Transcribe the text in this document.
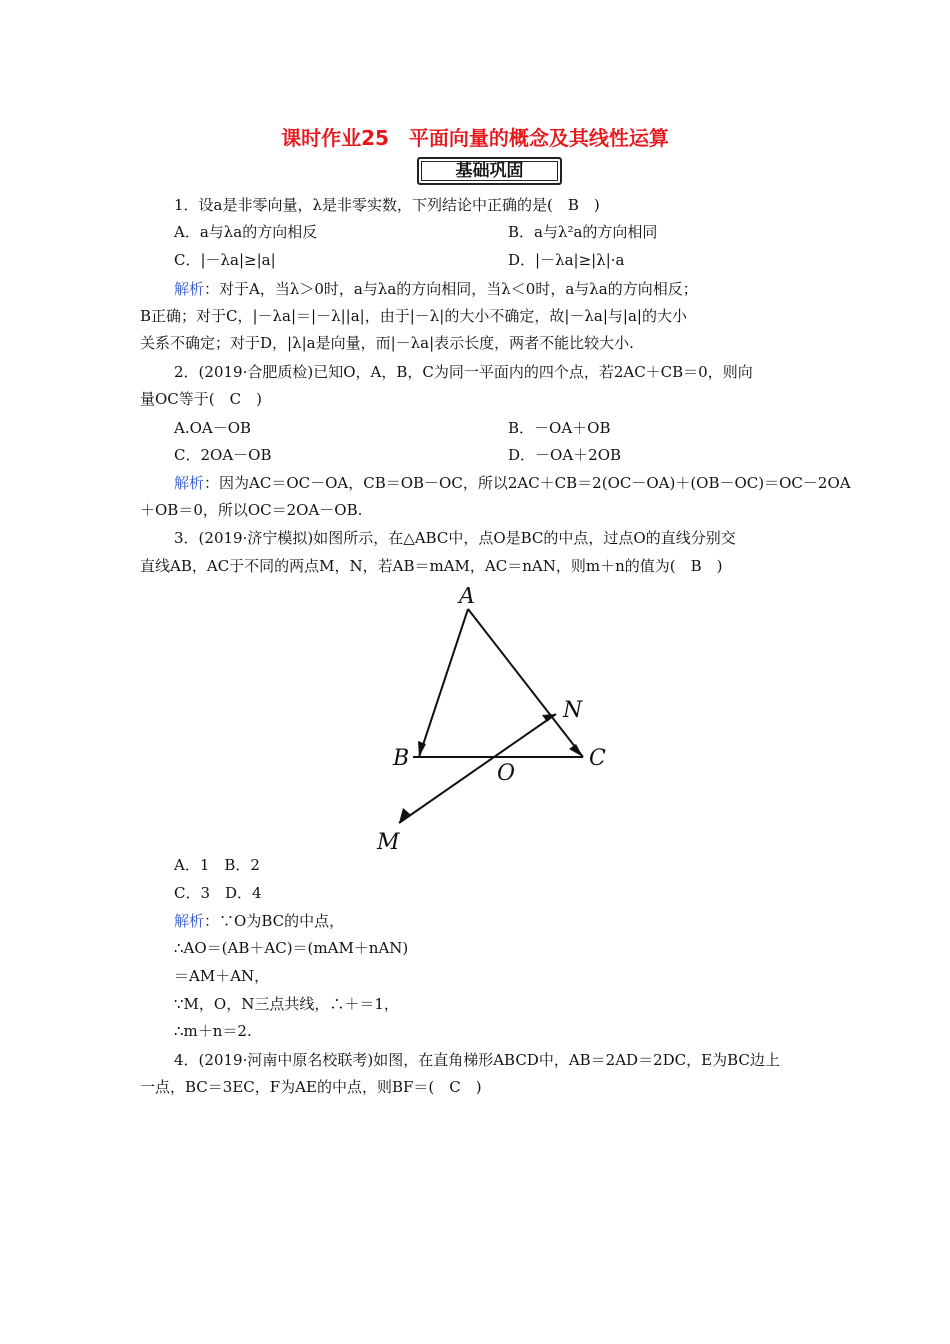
课时作业25　平面向量的概念及其线性运算
基础巩固
1．设a是非零向量，λ是非零实数，下列结论中正确的是(　B　)
A．a与λa的方向相反	B．a与λ²a的方向相同
C．|－λa|≥|a|	D．|－λa|≥|λ|·a
解析：对于A，当λ＞0时，a与λa的方向相同，当λ＜0时，a与λa的方向相反；
B正确；对于C，|－λa|＝|－λ||a|，由于|－λ|的大小不确定，故|－λa|与|a|的大小
关系不确定；对于D，|λ|a是向量，而|－λa|表示长度，两者不能比较大小.
2．(2019·合肥质检)已知O，A，B，C为同一平面内的四个点，若2AC＋CB＝0，则向
量OC等于(　C　)
A.OA－OB	B．－OA＋OB
C．2OA－OB	D．－OA＋2OB
解析：因为AC＝OC－OA，CB＝OB－OC，所以2AC＋CB＝2(OC－OA)＋(OB－OC)＝OC－2OA
＋OB＝0，所以OC＝2OA－OB.
3．(2019·济宁模拟)如图所示，在△ABC中，点O是BC的中点，过点O的直线分别交
直线AB，AC于不同的两点M，N，若AB＝mAM，AC＝nAN，则m＋n的值为(　B　)
A
B	C
N
O
M
A．1　B．2
C．3　D．4
解析：∵O为BC的中点，
∴AO＝(AB＋AC)＝(mAM＋nAN)
＝AM＋AN，
∵M，O，N三点共线，∴＋＝1，
∴m＋n＝2.
4．(2019·河南中原名校联考)如图，在直角梯形ABCD中，AB＝2AD＝2DC，E为BC边上
一点，BC＝3EC，F为AE的中点，则BF＝(　C　)
